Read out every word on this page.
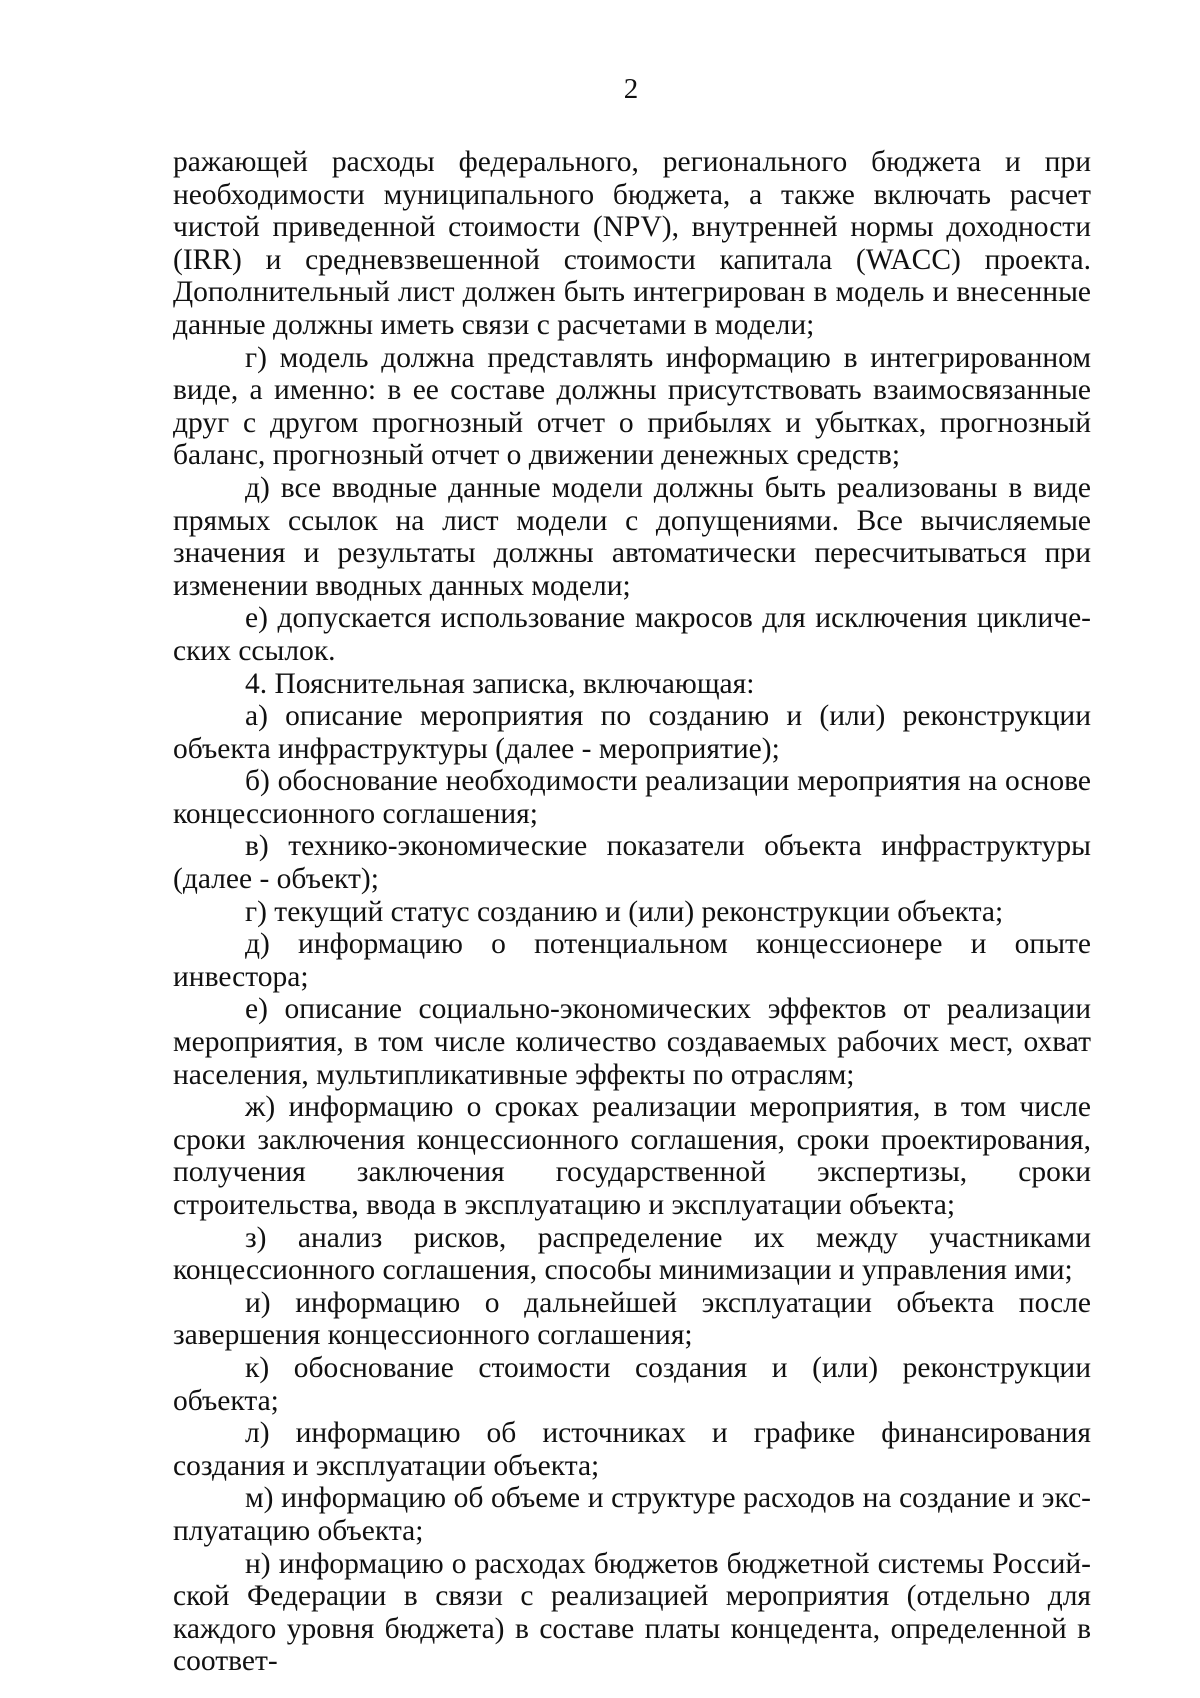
2

ражающей расходы федерального, регионального бюджета и при необходимости муниципального бюджета, а также включать расчет чистой приведенной стоимости (NPV), внутренней нормы доходности (IRR) и средневзвешенной стоимости капитала (WACC) проекта. Дополнительный лист должен быть интегрирован в модель и внесенные данные должны иметь связи с расчетами в модели;

г) модель должна представлять информацию в интегрированном виде, а именно: в ее составе должны присутствовать взаимосвязанные друг с другом прогнозный отчет о прибылях и убытках, прогнозный баланс, прогнозный отчет о движении денежных средств;

д) все вводные данные модели должны быть реализованы в виде прямых ссылок на лист модели с допущениями. Все вычисляемые значения и результаты должны автоматически пересчитываться при изменении вводных данных модели;

е) допускается использование макросов для исключения циклических ссылок.

4. Пояснительная записка, включающая:

а) описание мероприятия по созданию и (или) реконструкции объекта инфраструктуры (далее - мероприятие);

б) обоснование необходимости реализации мероприятия на основе концессионного соглашения;

в) технико-экономические показатели объекта инфраструктуры (далее - объект);

г) текущий статус созданию и (или) реконструкции объекта;

д) информацию о потенциальном концессионере и опыте инвестора;

е) описание социально-экономических эффектов от реализации мероприятия, в том числе количество создаваемых рабочих мест, охват населения, мультипликативные эффекты по отраслям;

ж) информацию о сроках реализации мероприятия, в том числе сроки заключения концессионного соглашения, сроки проектирования, получения заключения государственной экспертизы, сроки строительства, ввода в эксплуатацию и эксплуатации объекта;

з) анализ рисков, распределение их между участниками концессионного соглашения, способы минимизации и управления ими;

и) информацию о дальнейшей эксплуатации объекта после завершения концессионного соглашения;

к) обоснование стоимости создания и (или) реконструкции объекта;

л) информацию об источниках и графике финансирования создания и эксплуатации объекта;

м) информацию об объеме и структуре расходов на создание и эксплуатацию объекта;

н) информацию о расходах бюджетов бюджетной системы Российской Федерации в связи с реализацией мероприятия (отдельно для каждого уровня бюджета) в составе платы концедента, определенной в соответ-
